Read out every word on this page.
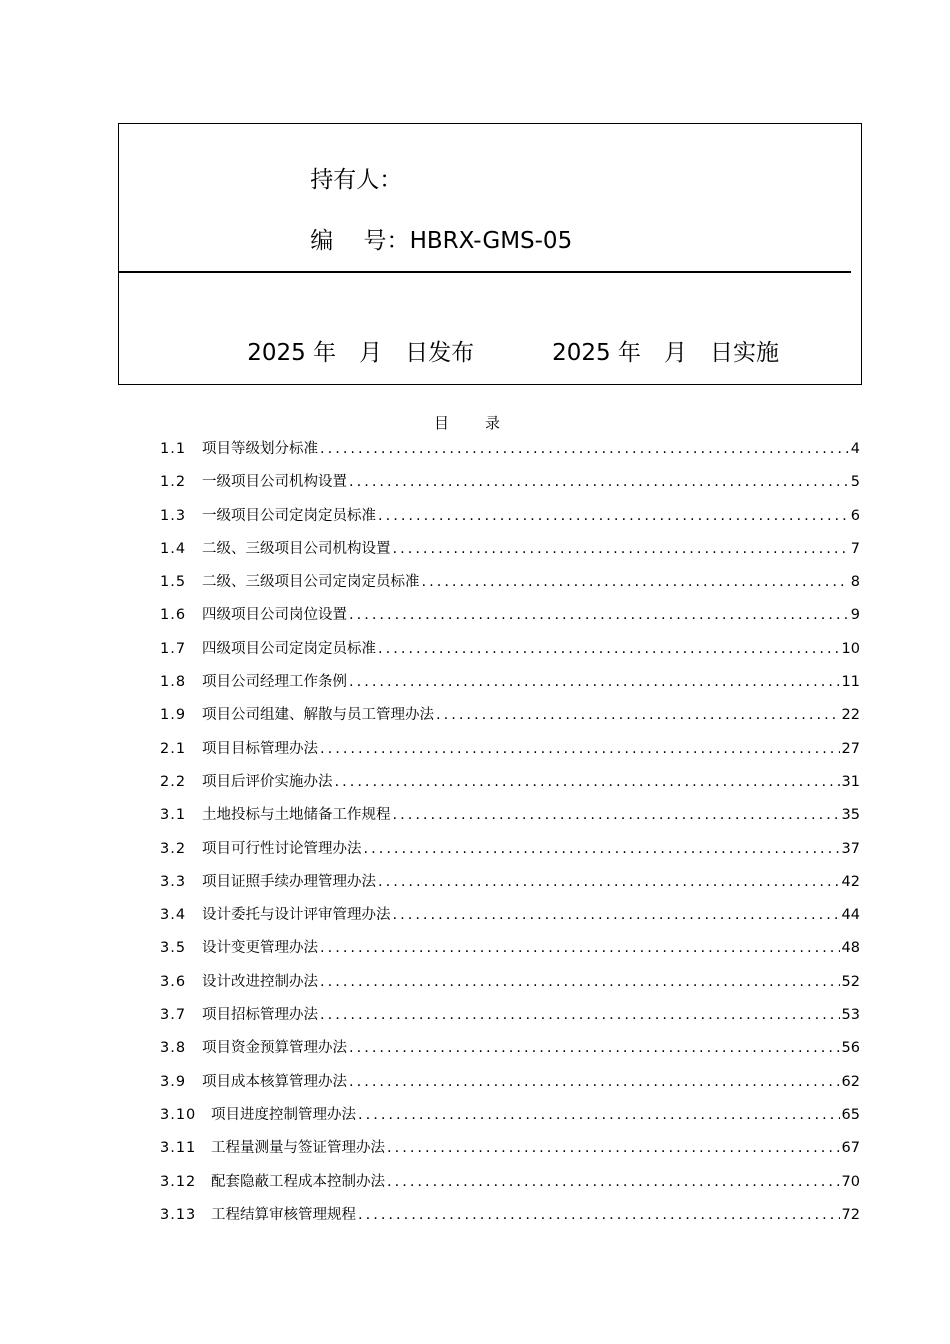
持有人：

编　 号：HBRX-GMS-05

2025 年　月　日发布	2025 年　月　日实施

目录
1.1	项目等级划分标准 .....	4
1.2	一级项目公司机构设置 .....	5
1.3	一级项目公司定岗定员标准 .....	6
1.4	二级、三级项目公司机构设置 .....	7
1.5	二级、三级项目公司定岗定员标准 .....	8
1.6	四级项目公司岗位设置 .....	9
1.7	四级项目公司定岗定员标准 .....	10
1.8	项目公司经理工作条例 .....	11
1.9	项目公司组建、解散与员工管理办法 .....	22
2.1	项目目标管理办法 .....	27
2.2	项目后评价实施办法 .....	31
3.1	土地投标与土地储备工作规程 .....	35
3.2	项目可行性讨论管理办法 .....	37
3.3	项目证照手续办理管理办法 .....	42
3.4	设计委托与设计评审管理办法 .....	44
3.5	设计变更管理办法 .....	48
3.6	设计改进控制办法 .....	52
3.7	项目招标管理办法 .....	53
3.8	项目资金预算管理办法 .....	56
3.9	项目成本核算管理办法 .....	62
3.10	项目进度控制管理办法 .....	65
3.11	工程量测量与签证管理办法 .....	67
3.12	配套隐蔽工程成本控制办法 .....	70
3.13	工程结算审核管理规程 .....	72
